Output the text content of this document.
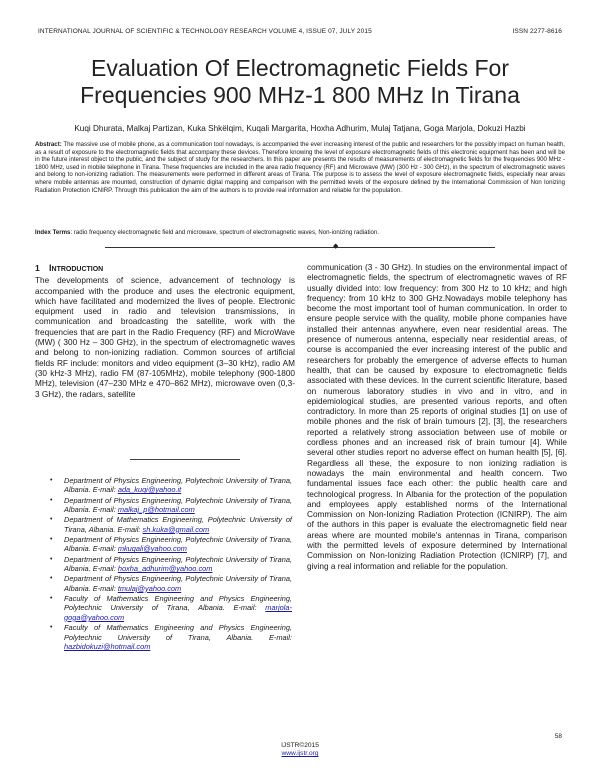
INTERNATIONAL JOURNAL OF SCIENTIFIC & TECHNOLOGY RESEARCH VOLUME 4, ISSUE 07, JULY 2015	ISSN 2277-8616
Evaluation Of Electromagnetic Fields For
Frequencies 900 MHz-1 800 MHz In Tirana
Kuqi Dhurata, Malkaj Partizan, Kuka Shkëlqim, Kuqali Margarita, Hoxha Adhurim, Mulaj Tatjana, Goga Marjola, Dokuzi Hazbi
Abstract: The massive use of mobile phone, as a communication tool nowadays, is accompanied the ever increasing interest of the public and researchers for the possibly impact on human health, as a result of exposure to the electromagnetic fields that accompany these devices. Therefore knowing the level of exposure electromagnetic fields of this electronic equipment has been and will be in the future interest object to the public, and the subject of study for the researchers. In this paper are presents the results of measurements of electromagnetic fields for the frequencies 900 MHz - 1800 MHz, used in mobile telephone in Tirana. These frequencies are included in the area radio frequency (RF) and Microwave (MW) (300 Hz - 300 GHz), in the spectrum of electromagnetic waves and belong to non-ionizing radiation. The measurements were performed in different areas of Tirana. The purpose is to assess the level of exposure electromagnetic fields, especially near areas where mobile antennas are mounted, construction of dynamic digital mapping and comparison with the permitted levels of the exposure defined by the International Commission of Non Ionizing Radiation Protection ICNIRP. Through this publication the aim of the authors is to provide real information and reliable for the population.
Index Terms: radio frequency electromagnetic field and microwave, spectrum of electromagnetic waves, Non-ionizing radiation.
◆
1 INTRODUCTION

The developments of science, advancement of technology is accompanied with the produce and uses the electronic equipment, which have facilitated and modernized the lives of people. Electronic equipment used in radio and television transmissions, in communication and broadcasting the satellite, work with the frequencies that are part in the Radio Frequency (RF) and MicroWave (MW) ( 300 Hz – 300 GHz), in the spectrum of electromagnetic waves and belong to non-ionizing radiation. Common sources of artificial fields RF include: monitors and video equipment (3–30 kHz), radio AM (30 kHz-3 MHz), radio FM (87-105MHz), mobile telephony (900-1800 MHz), television (47–230 MHz e 470–862 MHz), microwave oven (0,3-3 GHz), the radars, satellite

• Department of Physics Engineering, Polytechnic University of Tirana, Albania. E-mail: ada_kuqi@yahoo.it
• Department of Physics Engineering, Polytechnic University of Tirana, Albania. E-mail: malkaj_p@hotmail.com
• Department of Mathematics Engineering, Polytechnic University of Tirana, Albania. E-mail: sh.kuka@gmail.com
• Department of Physics Engineering, Polytechnic University of Tirana, Albania. E-mail: mkuqali@yahoo.com
• Department of Physics Engineering, Polytechnic University of Tirana, Albania. E-mail: hoxha_adhurim@yahoo.com
• Department of Physics Engineering, Polytechnic University of Tirana, Albania. E-mail: tmulaj@yahoo.com
• Faculty of Mathematics Engineering and Physics Engineering, Polytechnic University of Tirana, Albania. E-mail: marjola-goga@yahoo.com
• Faculty of Mathematics Engineering and Physics Engineering, Polytechnic University of Tirana, Albania. E-mail: hazbidokuzi@hotmail.com

communication (3 - 30 GHz). In studies on the environmental impact of electromagnetic fields, the spectrum of electromagnetic waves of RF usually divided into: low frequency: from 300 Hz to 10 kHz; and high frequency: from 10 kHz to 300 GHz.Nowadays mobile telephony has become the most important tool of human communication. In order to ensure people service with the quality, mobile phone companies have installed their antennas anywhere, even near residential areas. The presence of numerous antenna, especially near residential areas, of course is accompanied the ever increasing interest of the public and researchers for probably the emergence of adverse effects to human health, that can be caused by exposure to electromagnetic fields associated with these devices. In the current scientific literature, based on numerous laboratory studies in vivo and in vitro, and in epidemiological studies, are presented various reports, and often contradictory. In more than 25 reports of original studies [1] on use of mobile phones and the risk of brain tumours [2], [3], the researchers reported a relatively strong association between use of mobile or cordless phones and an increased risk of brain tumour [4]. While several other studies report no adverse effect on human health [5], [6]. Regardless all these, the exposure to non ionizing radiation is nowadays the main environmental and health concern. Two fundamental issues face each other: the public health care and technological progress. In Albania for the protection of the population and employees apply established norms of the International Commission on Non-Ionizing Radiation Protection (ICNIRP). The aim of the authors in this paper is evaluate the electromagnetic field near areas where are mounted mobile's antennas in Tirana, comparison with the permitted levels of exposure determined by International Commission on Non-Ionizing Radiation Protection (ICNIRP) [7], and giving a real information and reliable for the population.

58
IJSTR©2015
www.ijstr.org
